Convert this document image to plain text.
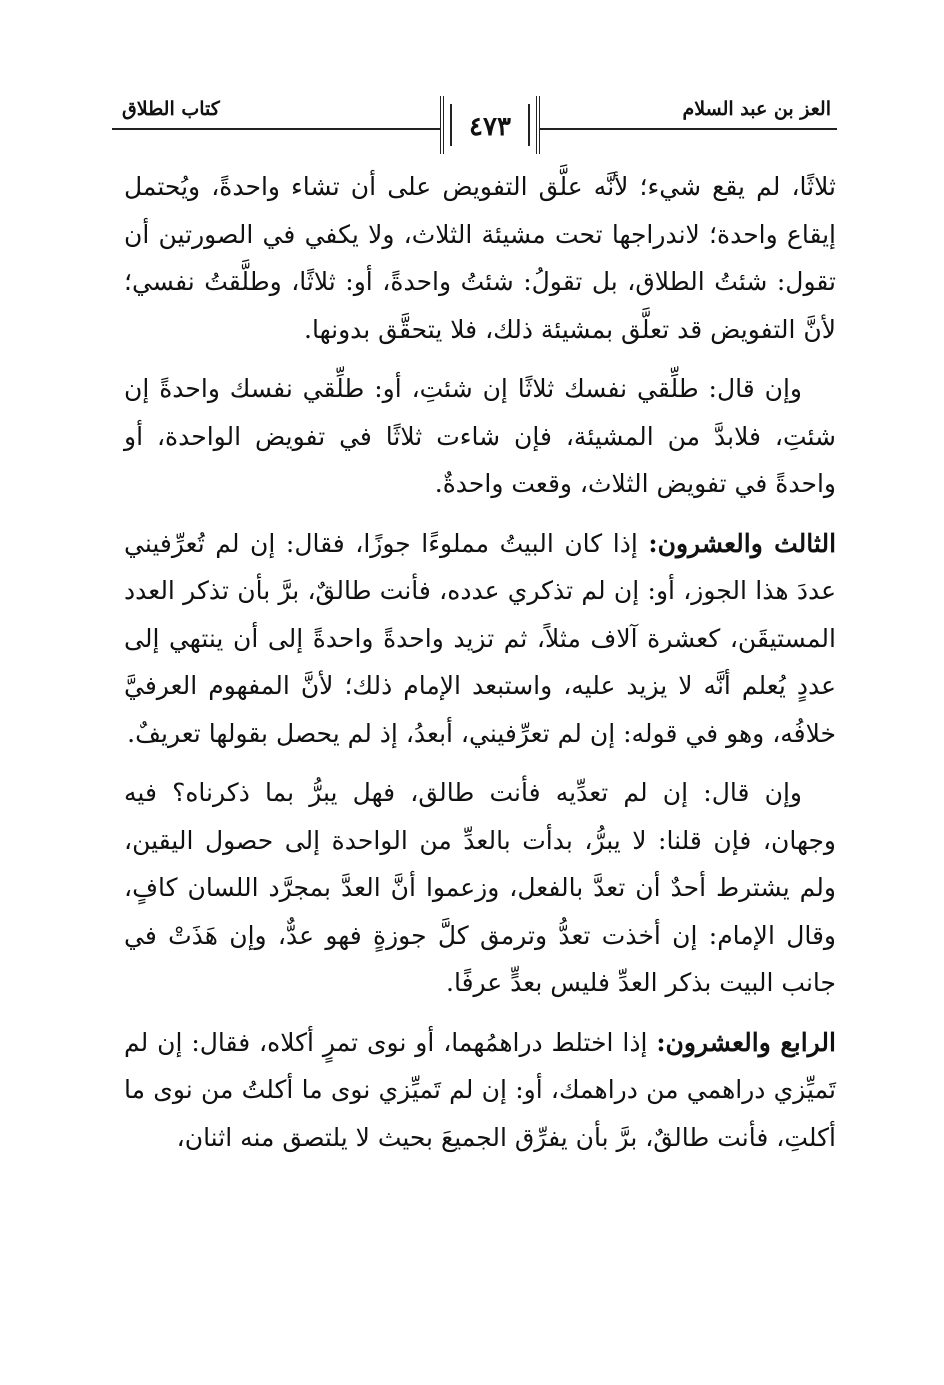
كتاب الطلاق	العز بن عبد السلام
٤٧٣

ثلاثًا، لم يقع شيء؛ لأنَّه علَّق التفويض على أن تشاء واحدةً، ويُحتمل إيقاع واحدة؛ لاندراجها تحت مشيئة الثلاث، ولا يكفي في الصورتين أن تقول: شئتُ الطلاق، بل تقولُ: شئتُ واحدةً، أو: ثلاثًا، وطلَّقتُ نفسي؛ لأنَّ التفويض قد تعلَّق بمشيئة ذلك، فلا يتحقَّق بدونها.

وإن قال: طلِّقي نفسك ثلاثًا إن شئتِ، أو: طلِّقي نفسك واحدةً إن شئتِ، فلابدَّ من المشيئة، فإن شاءت ثلاثًا في تفويض الواحدة، أو واحدةً في تفويض الثلاث، وقعت واحدةٌ.

الثالث والعشرون: إذا كان البيتُ مملوءًا جوزًا، فقال: إن لم تُعرِّفيني عددَ هذا الجوز، أو: إن لم تذكري عدده، فأنت طالقٌ، برَّ بأن تذكر العدد المستيقَن، كعشرة آلاف مثلاً، ثم تزيد واحدةً واحدةً إلى أن ينتهي إلى عددٍ يُعلم أنَّه لا يزيد عليه، واستبعد الإمام ذلك؛ لأنَّ المفهوم العرفيَّ خلافُه، وهو في قوله: إن لم تعرِّفيني، أبعدُ، إذ لم يحصل بقولها تعريفٌ.

وإن قال: إن لم تعدِّيه فأنت طالق، فهل يبرُّ بما ذكرناه؟ فيه وجهان، فإن قلنا: لا يبرُّ، بدأت بالعدِّ من الواحدة إلى حصول اليقين، ولم يشترط أحدٌ أن تعدَّ بالفعل، وزعموا أنَّ العدَّ بمجرَّد اللسان كافٍ، وقال الإمام: إن أخذت تعدُّ وترمق كلَّ جوزةٍ فهو عدٌّ، وإن هَذَتْ في جانب البيت بذكر العدِّ فليس بعدٍّ عرفًا.

الرابع والعشرون: إذا اختلط دراهمُهما، أو نوى تمرٍ أكلاه، فقال: إن لم تَميِّزي دراهمي من دراهمك، أو: إن لم تَميِّزي نوى ما أكلتُ من نوى ما أكلتِ، فأنت طالقٌ، برَّ بأن يفرِّق الجميعَ بحيث لا يلتصق منه اثنان،
